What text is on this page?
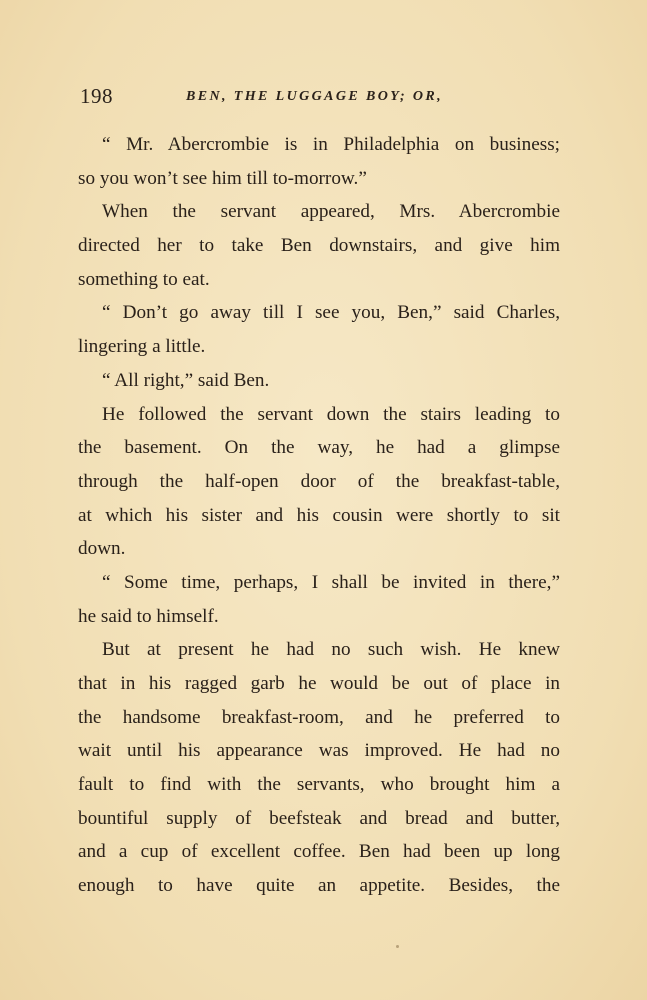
198	BEN, THE LUGGAGE BOY; OR,
“ Mr. Abercrombie is in Philadelphia on business;
so you won’t see him till to-morrow.”
When the servant appeared, Mrs. Abercrombie
directed her to take Ben downstairs, and give him
something to eat.
“ Don’t go away till I see you, Ben,” said Charles,
lingering a little.
“ All right,” said Ben.
He followed the servant down the stairs leading to
the basement. On the way, he had a glimpse
through the half-open door of the breakfast-table,
at which his sister and his cousin were shortly to sit
down.
“ Some time, perhaps, I shall be invited in there,”
he said to himself.
But at present he had no such wish. He knew
that in his ragged garb he would be out of place in
the handsome breakfast-room, and he preferred to
wait until his appearance was improved. He had no
fault to find with the servants, who brought him a
bountiful supply of beefsteak and bread and butter,
and a cup of excellent coffee. Ben had been up long
enough to have quite an appetite. Besides, the
